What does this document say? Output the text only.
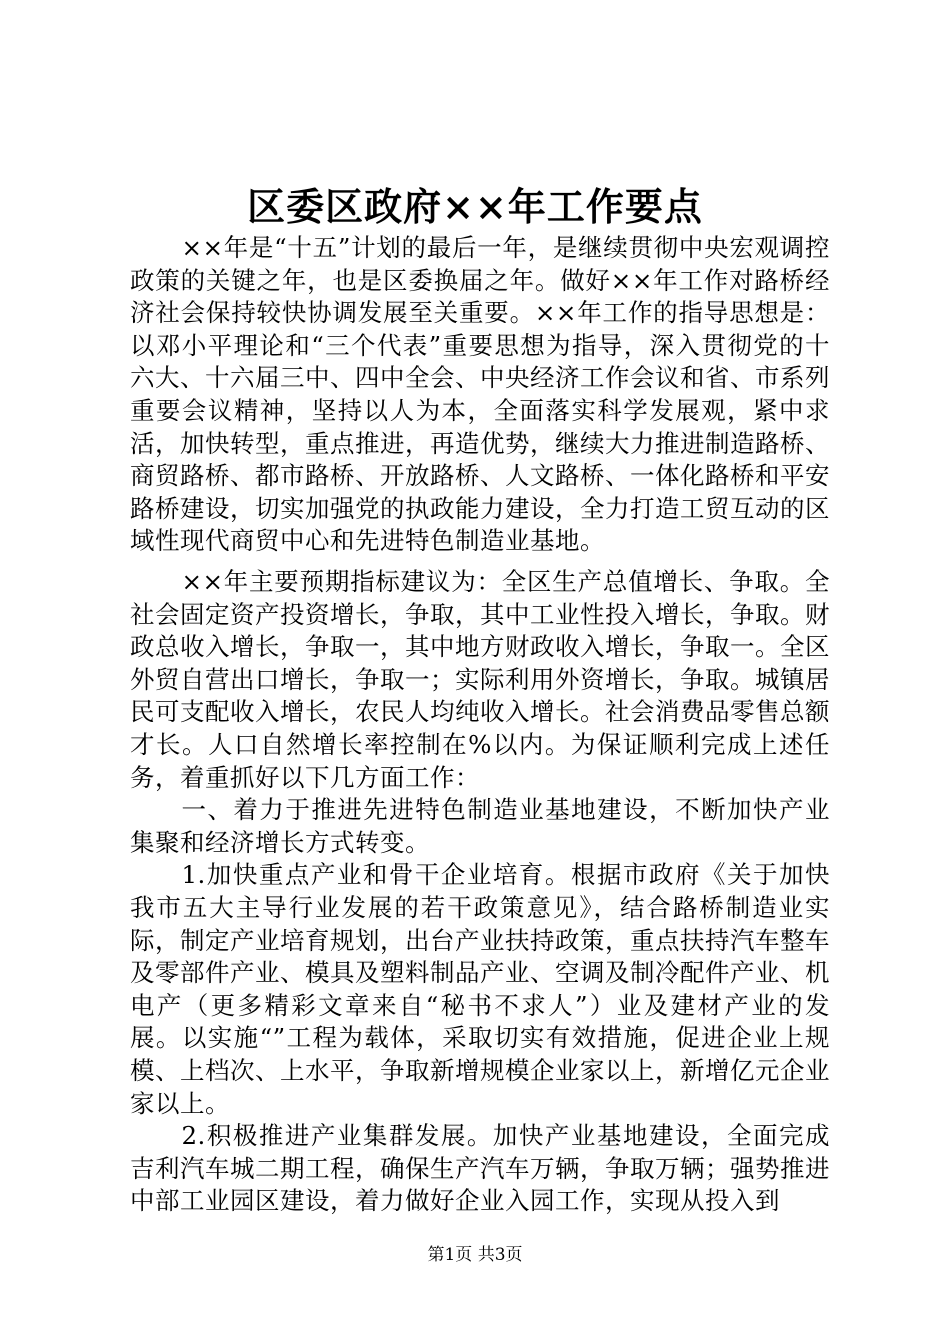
区委区政府××年工作要点

××年是“十五”计划的最后一年，是继续贯彻中央宏观调控政策的关键之年，也是区委换届之年。做好××年工作对路桥经济社会保持较快协调发展至关重要。××年工作的指导思想是：以邓小平理论和“三个代表”重要思想为指导，深入贯彻党的十六大、十六届三中、四中全会、中央经济工作会议和省、市系列重要会议精神，坚持以人为本，全面落实科学发展观，紧中求活，加快转型，重点推进，再造优势，继续大力推进制造路桥、商贸路桥、都市路桥、开放路桥、人文路桥、一体化路桥和平安路桥建设，切实加强党的执政能力建设，全力打造工贸互动的区域性现代商贸中心和先进特色制造业基地。

××年主要预期指标建议为：全区生产总值增长、争取。全社会固定资产投资增长，争取，其中工业性投入增长，争取。财政总收入增长，争取一，其中地方财政收入增长，争取一。全区外贸自营出口增长，争取一；实际利用外资增长，争取。城镇居民可支配收入增长，农民人均纯收入增长。社会消费品零售总额才长。人口自然增长率控制在%以内。为保证顺利完成上述任务，着重抓好以下几方面工作：

一、着力于推进先进特色制造业基地建设，不断加快产业集聚和经济增长方式转变。

1.加快重点产业和骨干企业培育。根据市政府《关于加快我市五大主导行业发展的若干政策意见》，结合路桥制造业实际，制定产业培育规划，出台产业扶持政策，重点扶持汽车整车及零部件产业、模具及塑料制品产业、空调及制冷配件产业、机电产（更多精彩文章来自“秘书不求人”）业及建材产业的发展。以实施“”工程为载体，采取切实有效措施，促进企业上规模、上档次、上水平，争取新增规模企业家以上，新增亿元企业家以上。

2.积极推进产业集群发展。加快产业基地建设，全面完成吉利汽车城二期工程，确保生产汽车万辆，争取万辆；强势推进中部工业园区建设，着力做好企业入园工作，实现从投入到

第1页 共3页
